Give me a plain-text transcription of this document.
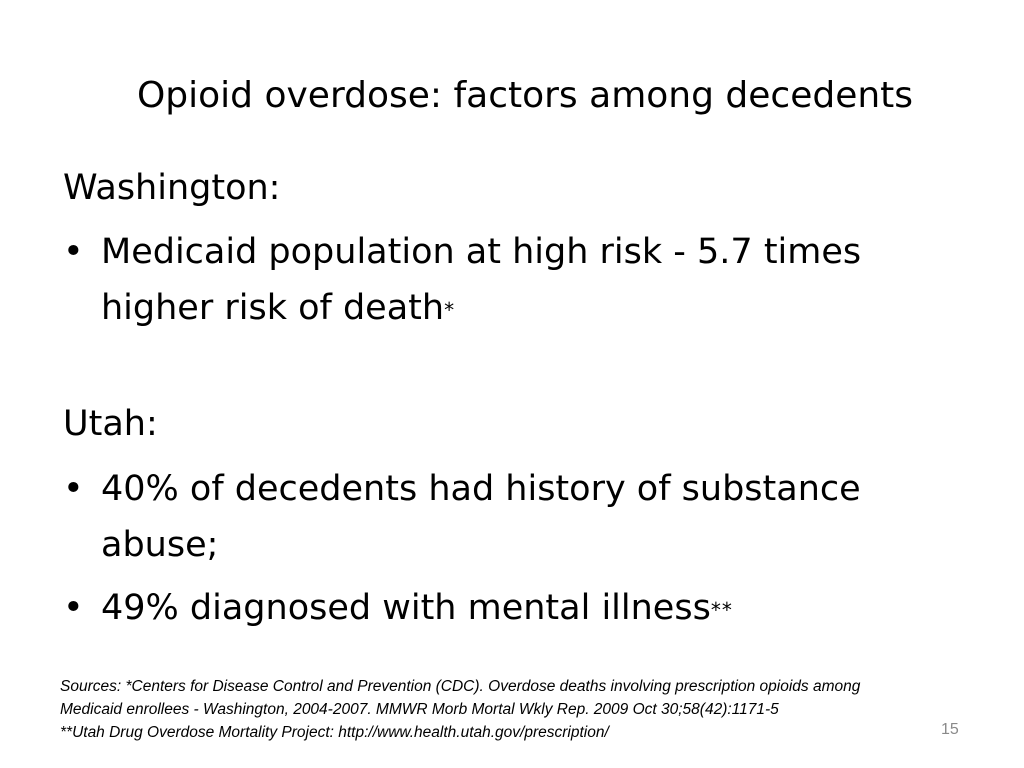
Opioid overdose: factors among decedents
Washington:
• Medicaid population at high risk - 5.7 times higher risk of death*
Utah:
• 40% of decedents had history of substance abuse;
• 49% diagnosed with mental illness**
Sources: *Centers for Disease Control and Prevention (CDC). Overdose deaths involving prescription opioids among
Medicaid enrollees - Washington, 2004-2007. MMWR Morb Mortal Wkly Rep. 2009 Oct 30;58(42):1171-5
**Utah Drug Overdose Mortality Project: http://www.health.utah.gov/prescription/	15
